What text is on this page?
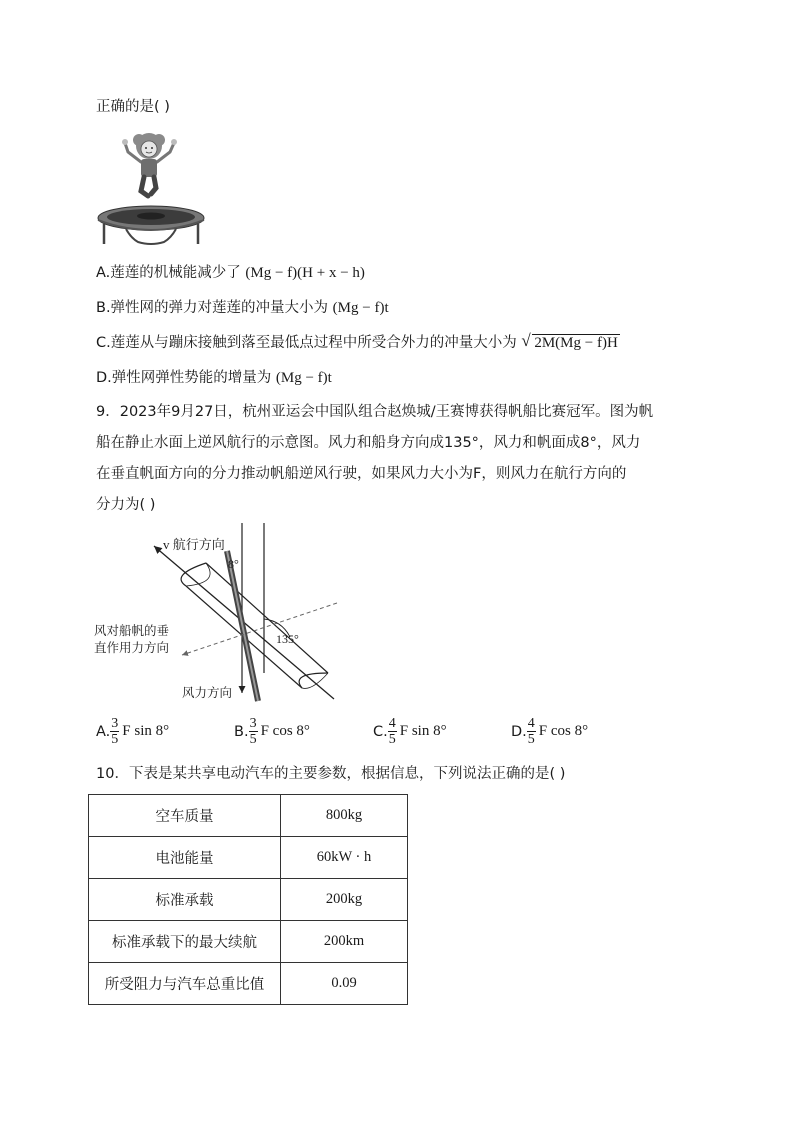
正确的是( )
A.莲莲的机械能减少了 (Mg − f)(H + x − h)
B.弹性网的弹力对莲莲的冲量大小为 (Mg − f)t
C.莲莲从与蹦床接触到落至最低点过程中所受合外力的冲量大小为 √ 2M(Mg − f)H
D.弹性网弹性势能的增量为 (Mg − f)t
9．2023年9月27日，杭州亚运会中国队组合赵焕城/王赛博获得帆船比赛冠军。图为帆
船在静止水面上逆风航行的示意图。风力和船身方向成135°，风力和帆面成8°，风力
在垂直帆面方向的分力推动帆船逆风行驶，如果风力大小为F，则风力在航行方向的
分力为( )
v 航行方向
8°
135°
风对船帆的垂
直作用力方向
风力方向
A. $\frac{3}{5}$ F sin 8°	B. $\frac{3}{5}$ F cos 8°	C. $\frac{4}{5}$ F sin 8°	D. $\frac{4}{5}$ F cos 8°
10．下表是某共享电动汽车的主要参数，根据信息，下列说法正确的是( )
空车质量	800kg
电池能量	60kW · h
标准承载	200kg
标准承载下的最大续航	200km
所受阻力与汽车总重比值	0.09
